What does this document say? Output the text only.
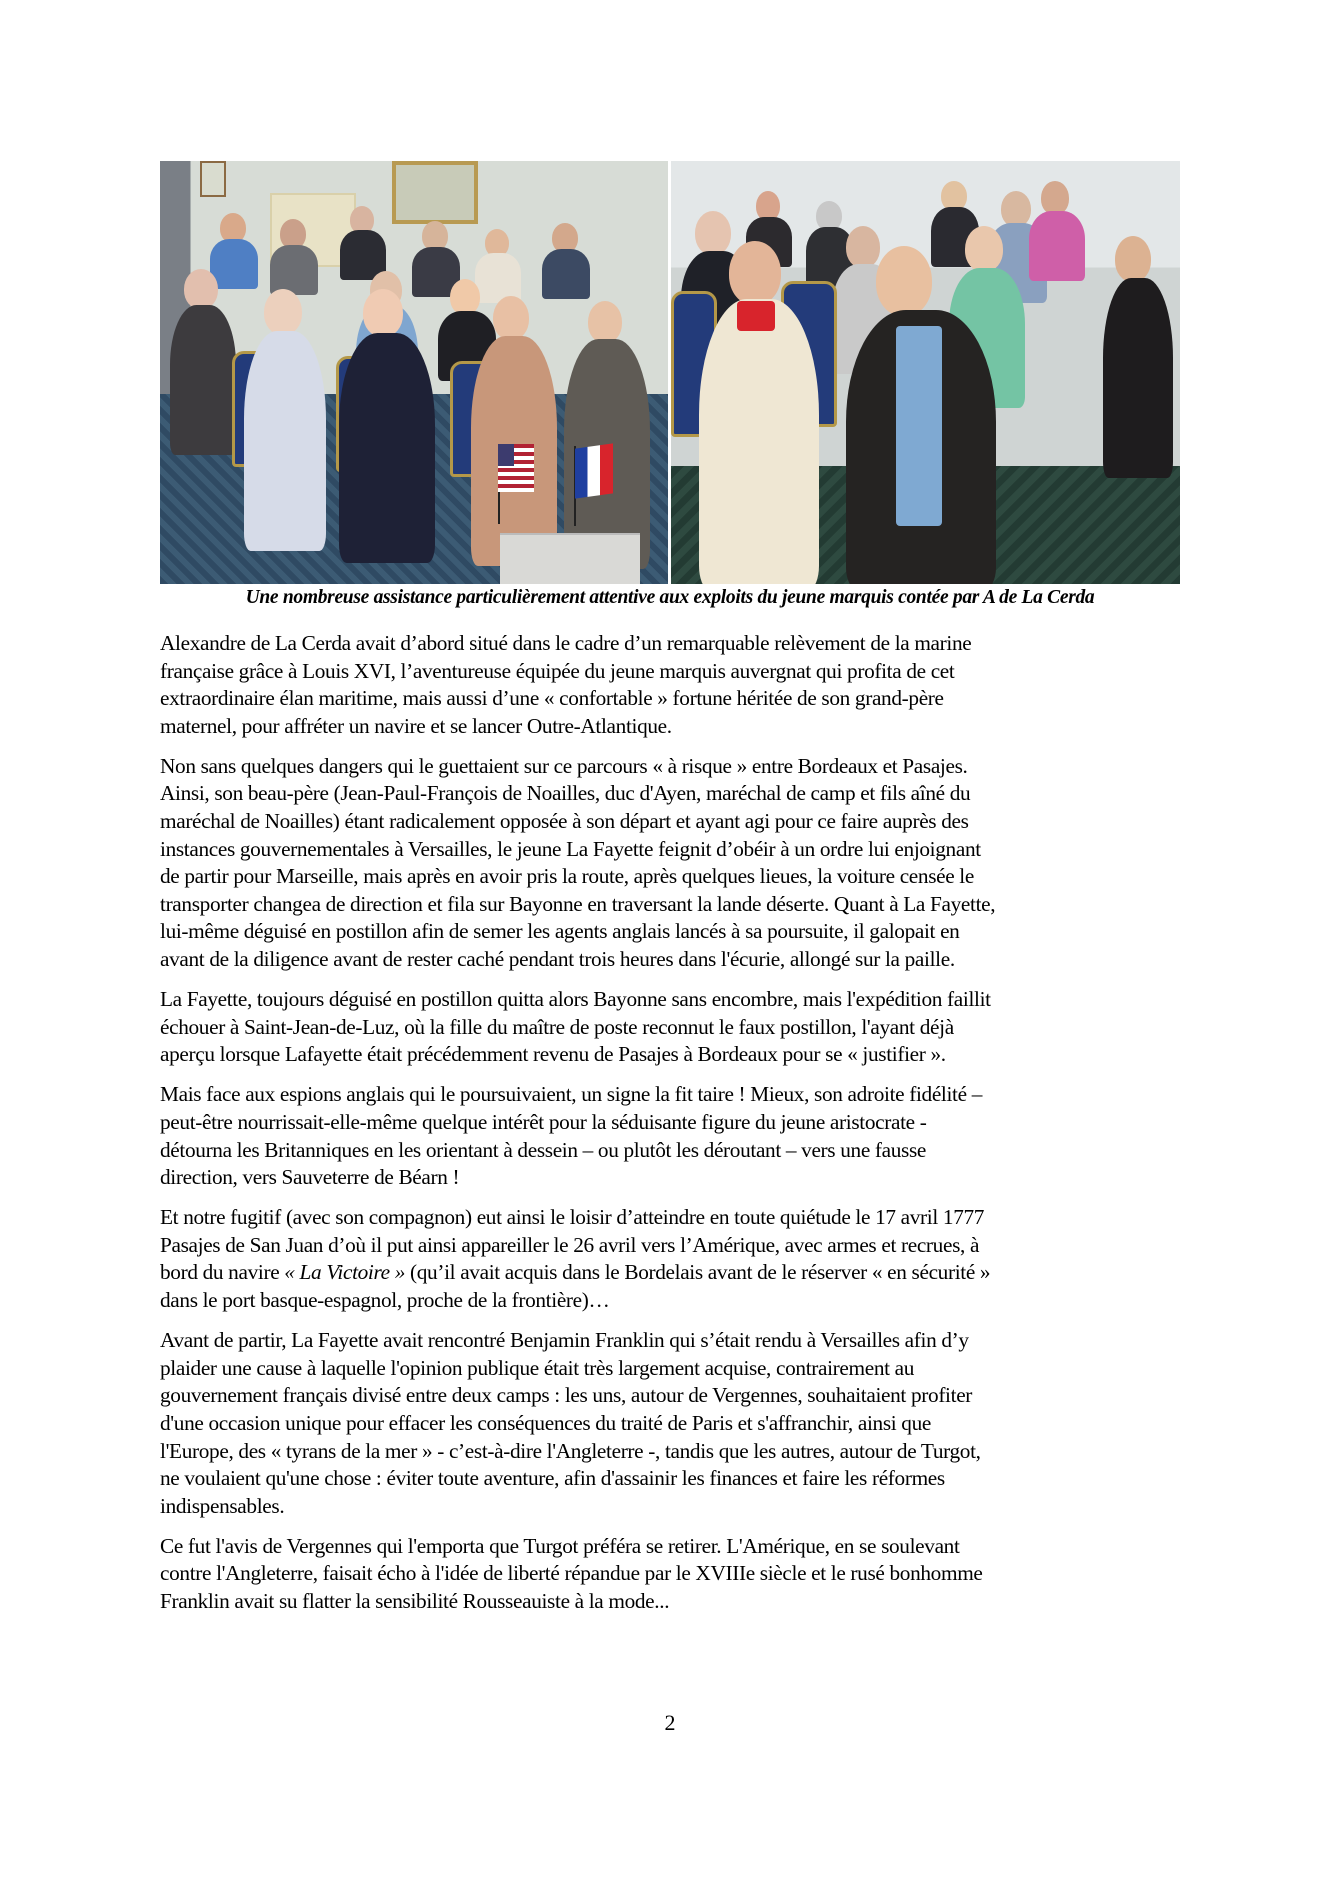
Une nombreuse assistance particulièrement attentive aux exploits du jeune marquis contée par A de La Cerda

Alexandre de La Cerda avait d’abord situé dans le cadre d’un remarquable relèvement de la marine
française grâce à Louis XVI, l’aventureuse équipée du jeune marquis auvergnat qui profita de cet
extraordinaire élan maritime, mais aussi d’une « confortable » fortune héritée de son grand-père
maternel, pour affréter un navire et se lancer Outre-Atlantique.

Non sans quelques dangers qui le guettaient sur ce parcours « à risque » entre Bordeaux et Pasajes.
Ainsi, son beau-père (Jean-Paul-François de Noailles, duc d'Ayen, maréchal de camp et fils aîné du
maréchal de Noailles) étant radicalement opposée à son départ et ayant agi pour ce faire auprès des
instances gouvernementales à Versailles, le jeune La Fayette feignit d’obéir à un ordre lui enjoignant
de partir pour Marseille, mais après en avoir pris la route, après quelques lieues, la voiture censée le
transporter changea de direction et fila sur Bayonne en traversant la lande déserte. Quant à La Fayette,
lui-même déguisé en postillon afin de semer les agents anglais lancés à sa poursuite, il galopait en
avant de la diligence avant de rester caché pendant trois heures dans l'écurie, allongé sur la paille.

La Fayette, toujours déguisé en postillon quitta alors Bayonne sans encombre, mais l'expédition faillit
échouer à Saint-Jean-de-Luz, où la fille du maître de poste reconnut le faux postillon, l'ayant déjà
aperçu lorsque Lafayette était précédemment revenu de Pasajes à Bordeaux pour se « justifier ».

Mais face aux espions anglais qui le poursuivaient, un signe la fit taire ! Mieux, son adroite fidélité –
peut-être nourrissait-elle-même quelque intérêt pour la séduisante figure du jeune aristocrate -
détourna les Britanniques en les orientant à dessein – ou plutôt les déroutant – vers une fausse
direction, vers Sauveterre de Béarn !

Et notre fugitif (avec son compagnon) eut ainsi le loisir d’atteindre en toute quiétude le 17 avril 1777
Pasajes de San Juan d’où il put ainsi appareiller le 26 avril vers l’Amérique, avec armes et recrues, à
bord du navire « La Victoire » (qu’il avait acquis dans le Bordelais avant de le réserver « en sécurité »
dans le port basque-espagnol, proche de la frontière)…

Avant de partir, La Fayette avait rencontré Benjamin Franklin qui s’était rendu à Versailles afin d’y
plaider une cause à laquelle l'opinion publique était très largement acquise, contrairement au
gouvernement français divisé entre deux camps : les uns, autour de Vergennes, souhaitaient profiter
d'une occasion unique pour effacer les conséquences du traité de Paris et s'affranchir, ainsi que
l'Europe, des « tyrans de la mer » - c’est-à-dire l'Angleterre -, tandis que les autres, autour de Turgot,
ne voulaient qu'une chose : éviter toute aventure, afin d'assainir les finances et faire les réformes
indispensables.

Ce fut l'avis de Vergennes qui l'emporta que Turgot préféra se retirer. L'Amérique, en se soulevant
contre l'Angleterre, faisait écho à l'idée de liberté répandue par le XVIIIe siècle et le rusé bonhomme
Franklin avait su flatter la sensibilité Rousseauiste à la mode...

2
